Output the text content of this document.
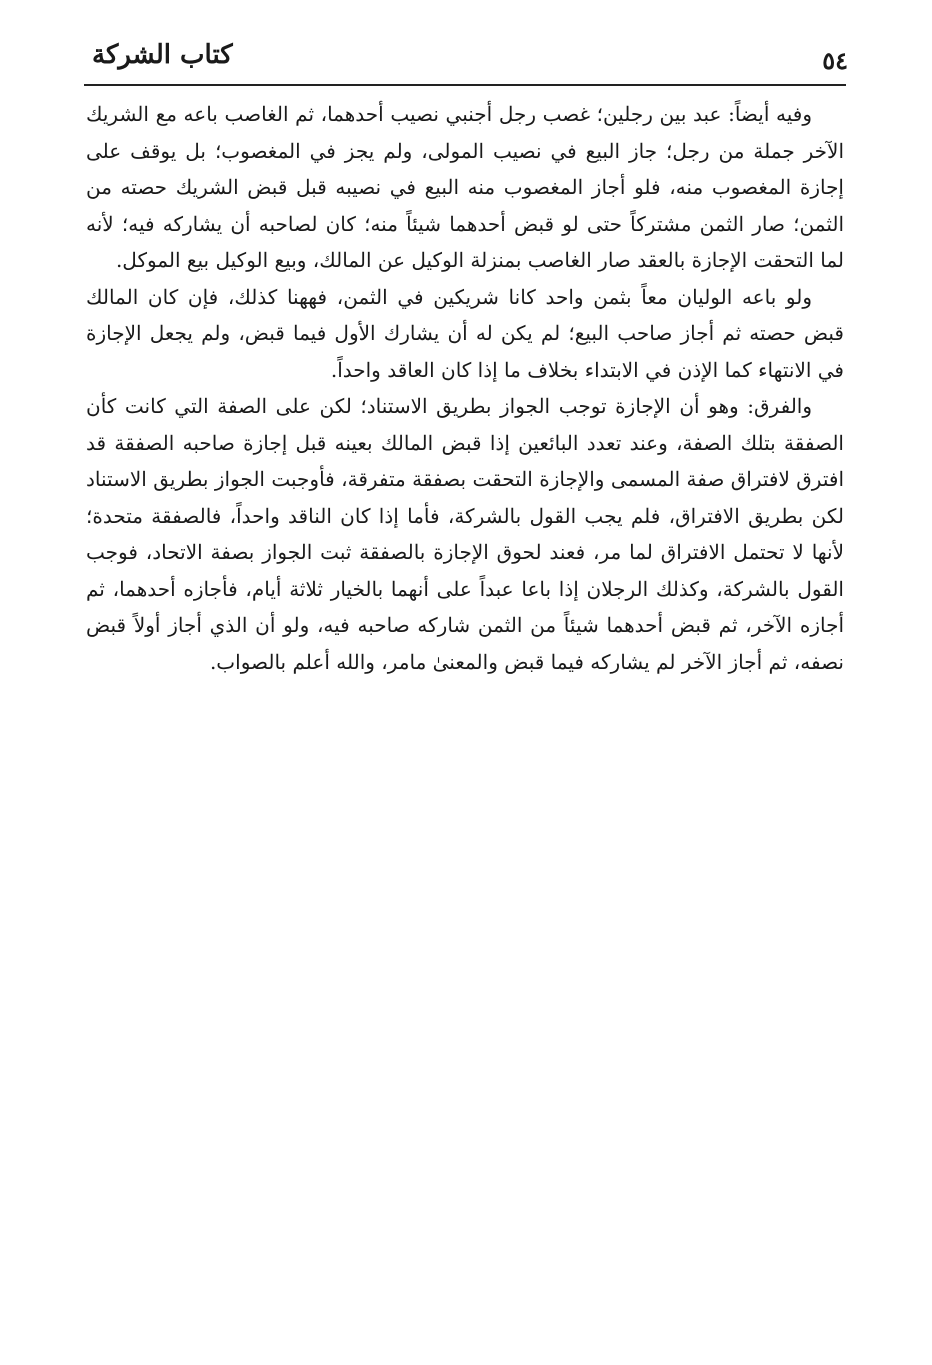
٥٤
كتاب الشركة

وفيه أيضاً: عبد بين رجلين؛ غصب رجل أجنبي نصيب أحدهما، ثم الغاصب باعه مع الشريك الآخر جملة من رجل؛ جاز البيع في نصيب المولى، ولم يجز في المغصوب؛ بل يوقف على إجازة المغصوب منه، فلو أجاز المغصوب منه البيع في نصيبه قبل قبض الشريك حصته من الثمن؛ صار الثمن مشتركاً حتى لو قبض أحدهما شيئاً منه؛ كان لصاحبه أن يشاركه فيه؛ لأنه لما التحقت الإجازة بالعقد صار الغاصب بمنزلة الوكيل عن المالك، وبيع الوكيل بيع الموكل.

ولو باعه الوليان معاً بثمن واحد كانا شريكين في الثمن، فههنا كذلك، فإن كان المالك قبض حصته ثم أجاز صاحب البيع؛ لم يكن له أن يشارك الأول فيما قبض، ولم يجعل الإجازة في الانتهاء كما الإذن في الابتداء بخلاف ما إذا كان العاقد واحداً.

والفرق: وهو أن الإجازة توجب الجواز بطريق الاستناد؛ لكن على الصفة التي كانت كأن الصفقة بتلك الصفة، وعند تعدد البائعين إذا قبض المالك بعينه قبل إجازة صاحبه الصفقة قد افترق لافتراق صفة المسمى والإجازة التحقت بصفقة متفرقة، فأوجبت الجواز بطريق الاستناد لكن بطريق الافتراق، فلم يجب القول بالشركة، فأما إذا كان الناقد واحداً، فالصفقة متحدة؛ لأنها لا تحتمل الافتراق لما مر، فعند لحوق الإجازة بالصفقة ثبت الجواز بصفة الاتحاد، فوجب القول بالشركة، وكذلك الرجلان إذا باعا عبداً على أنهما بالخيار ثلاثة أيام، فأجازه أحدهما، ثم أجازه الآخر، ثم قبض أحدهما شيئاً من الثمن شاركه صاحبه فيه، ولو أن الذي أجاز أولاً قبض نصفه، ثم أجاز الآخر لم يشاركه فيما قبض والمعنىٰ مامر، والله أعلم بالصواب.
